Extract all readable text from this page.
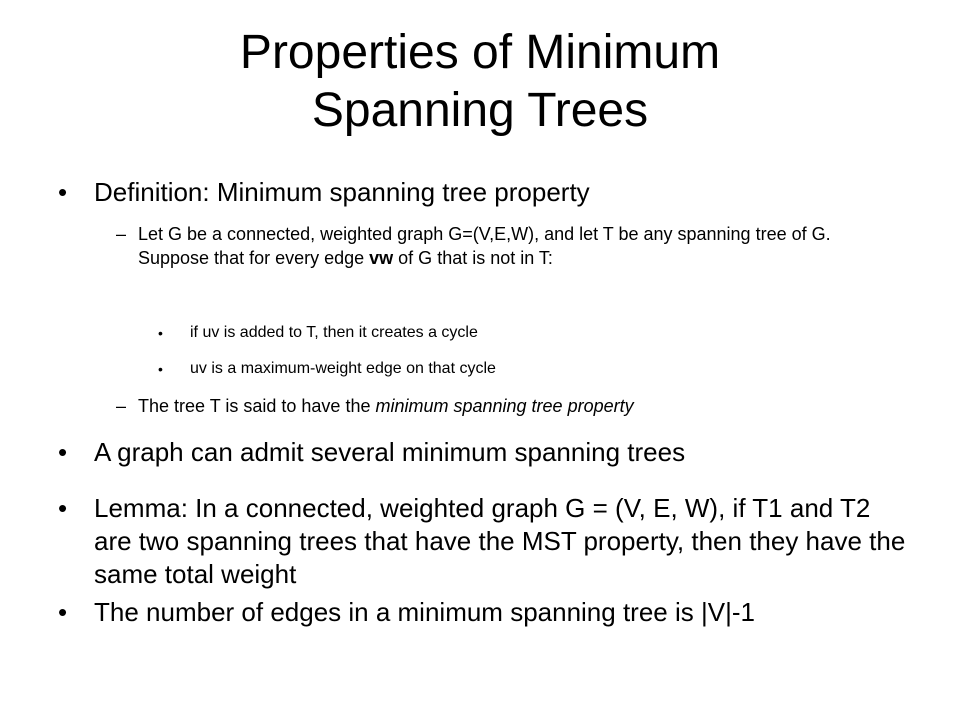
Properties of Minimum
Spanning Trees
• Definition: Minimum spanning tree property
– Let G be a connected, weighted graph G=(V,E,W), and let T be any spanning tree of G. Suppose that for every edge vw of G that is not in T:
• if uv is added to T, then it creates a cycle
• uv is a maximum-weight edge on that cycle
– The tree T is said to have the minimum spanning tree property
• A graph can admit several minimum spanning trees
• Lemma: In a connected, weighted graph G = (V, E, W), if T1 and T2 are two spanning trees that have the MST property, then they have the same total weight
• The number of edges in a minimum spanning tree is |V|-1
